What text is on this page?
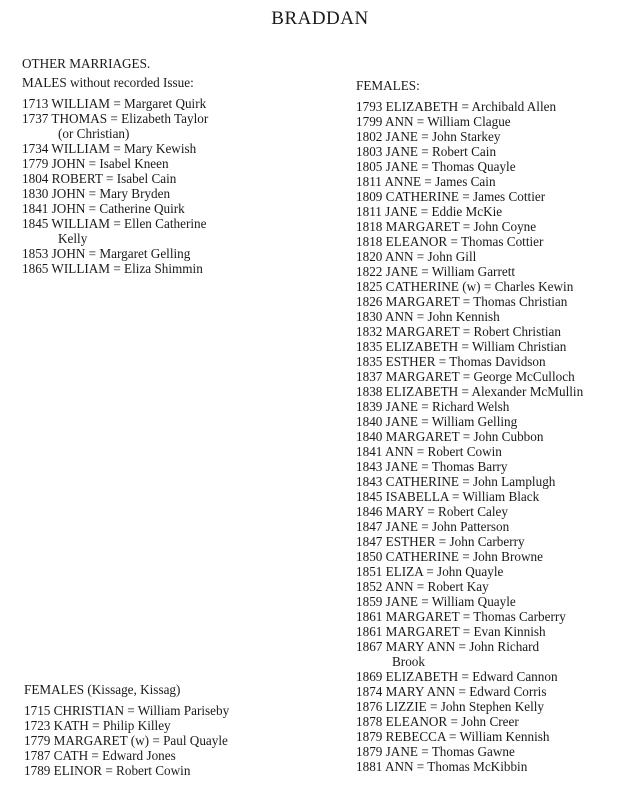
BRADDAN
OTHER MARRIAGES.
MALES without recorded Issue:
1713 WILLIAM = Margaret Quirk
1737 THOMAS = Elizabeth Taylor
(or Christian)
1734 WILLIAM = Mary Kewish
1779 JOHN = Isabel Kneen
1804 ROBERT = Isabel Cain
1830 JOHN = Mary Bryden
1841 JOHN = Catherine Quirk
1845 WILLIAM = Ellen Catherine
Kelly
1853 JOHN = Margaret Gelling
1865 WILLIAM = Eliza Shimmin
FEMALES:
1793 ELIZABETH = Archibald Allen
1799 ANN = William Clague
1802 JANE = John Starkey
1803 JANE = Robert Cain
1805 JANE = Thomas Quayle
1811 ANNE = James Cain
1809 CATHERINE = James Cottier
1811 JANE = Eddie McKie
1818 MARGARET = John Coyne
1818 ELEANOR = Thomas Cottier
1820 ANN = John Gill
1822 JANE = William Garrett
1825 CATHERINE (w) = Charles Kewin
1826 MARGARET = Thomas Christian
1830 ANN = John Kennish
1832 MARGARET = Robert Christian
1835 ELIZABETH = William Christian
1835 ESTHER = Thomas Davidson
1837 MARGARET = George McCulloch
1838 ELIZABETH = Alexander McMullin
1839 JANE = Richard Welsh
1840 JANE = William Gelling
1840 MARGARET = John Cubbon
1841 ANN = Robert Cowin
1843 JANE = Thomas Barry
1843 CATHERINE = John Lamplugh
1845 ISABELLA = William Black
1846 MARY = Robert Caley
1847 JANE = John Patterson
1847 ESTHER = John Carberry
1850 CATHERINE = John Browne
1851 ELIZA = John Quayle
1852 ANN = Robert Kay
1859 JANE = William Quayle
1861 MARGARET = Thomas Carberry
1861 MARGARET = Evan Kinnish
1867 MARY ANN = John Richard
Brook
1869 ELIZABETH = Edward Cannon
1874 MARY ANN = Edward Corris
1876 LIZZIE = John Stephen Kelly
1878 ELEANOR = John Creer
1879 REBECCA = William Kennish
1879 JANE = Thomas Gawne
1881 ANN = Thomas McKibbin
FEMALES (Kissage, Kissag)
1715 CHRISTIAN = William Pariseby
1723 KATH = Philip Killey
1779 MARGARET (w) = Paul Quayle
1787 CATH = Edward Jones
1789 ELINOR = Robert Cowin
